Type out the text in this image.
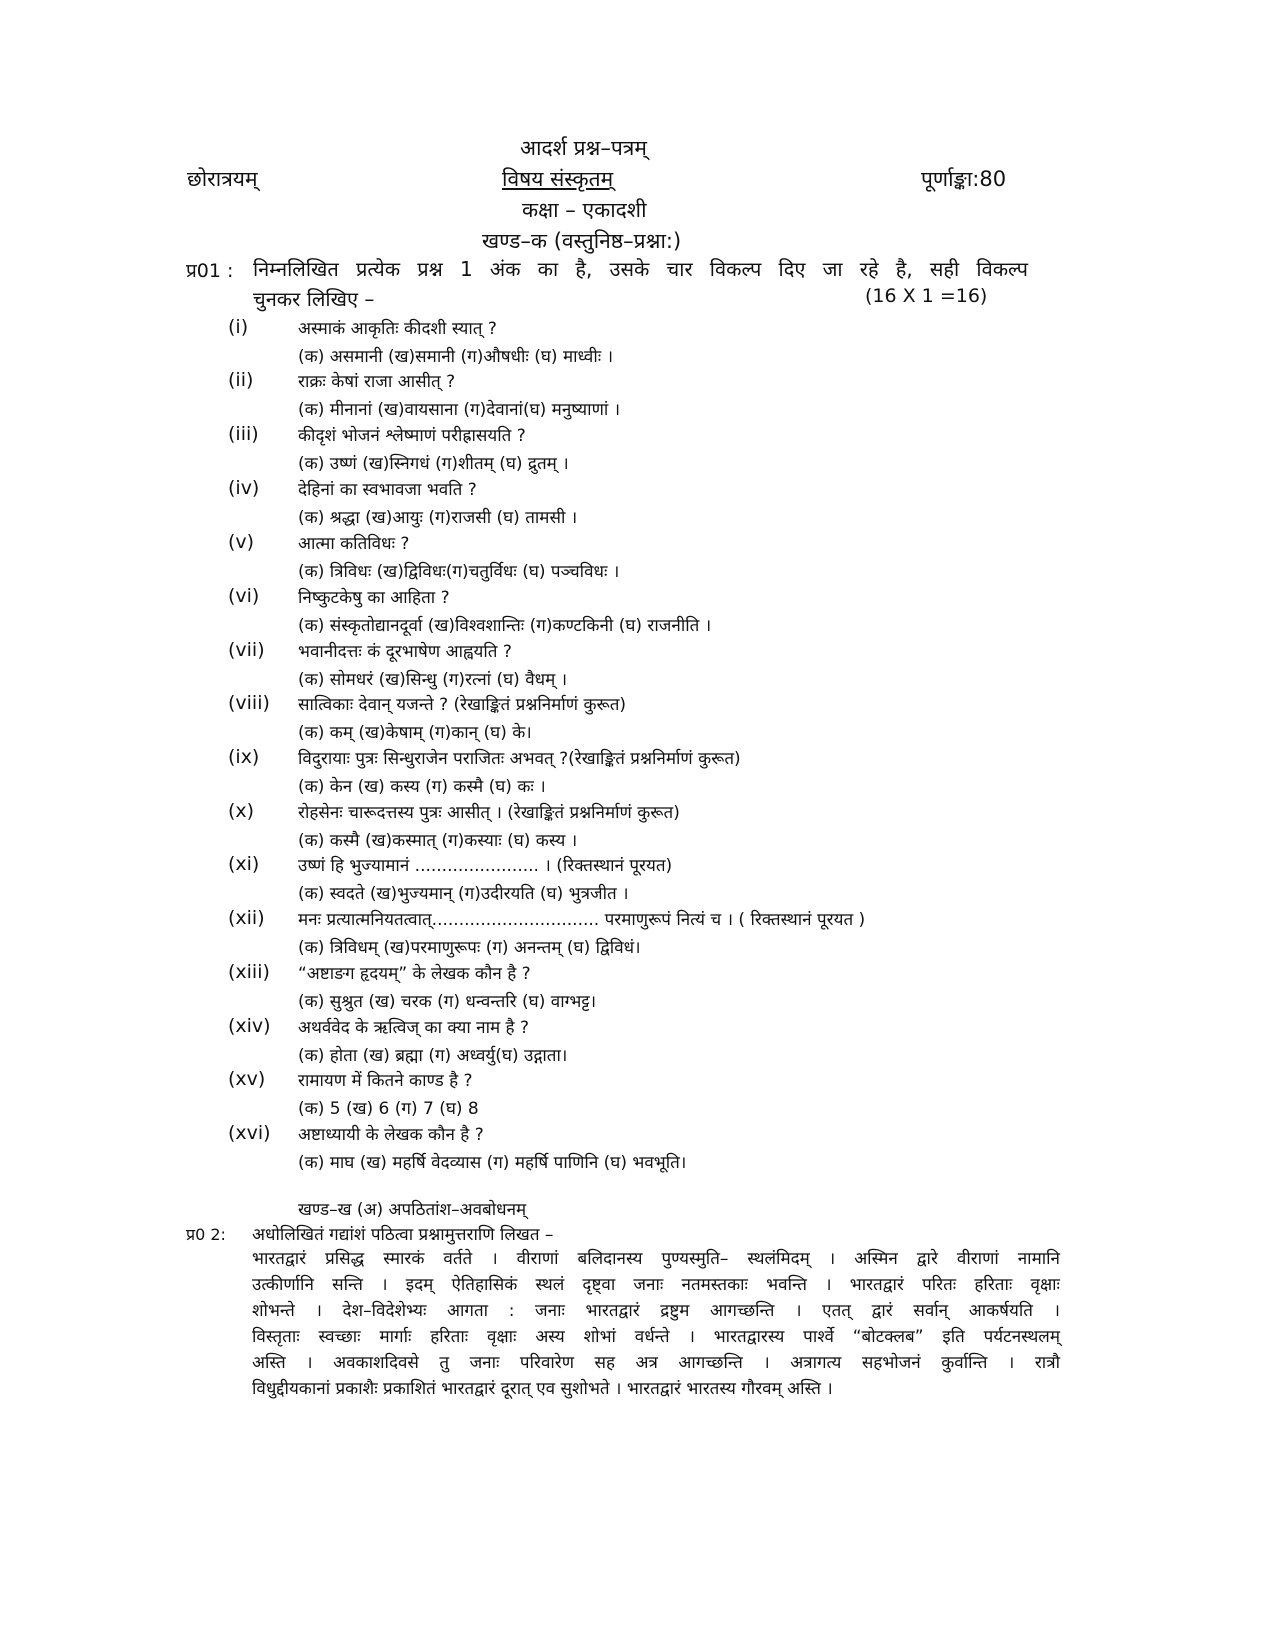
आदर्श प्रश्न–पत्रम्
छोरात्रयम्	विषय संस्कृतम्	पूर्णाङ्का:80
कक्षा – एकादशी
खण्ड–क (वस्तुनिष्ठ–प्रश्ना:)
प्र01 : निम्नलिखित प्रत्येक प्रश्न 1 अंक का है, उसके चार विकल्प दिए जा रहे है, सही विकल्प
चुनकर लिखिए –	(16 X 1 =16)
(i)	अस्माकं आकृतिः कीदशी स्यात् ?
(क) असमानी (ख)समानी (ग)औषधीः (घ) माध्वीः ।
(ii)	राक्रः केषां राजा आसीत् ?
(क) मीनानां (ख)वायसाना (ग)देवानां(घ) मनुष्याणां ।
(iii) कीदृशं भोजनं श्लेष्माणं परीह्रासयति ?
(क) उष्णं (ख)स्निगधं (ग)शीतम् (घ) द्रुतम् ।
(iv) देहिनां का स्वभावजा भवति ?
(क) श्रद्धा (ख)आयुः (ग)राजसी (घ) तामसी ।
(v)	आत्मा कतिविधः ?
(क) त्रिविधः (ख)द्विविधः(ग)चतुर्विधः (घ) पञ्चविधः ।
(vi) निष्कुटकेषु का आहिता ?
(क) संस्कृतोद्यानदूर्वा (ख)विश्वशान्तिः (ग)कण्टकिनी (घ) राजनीति ।
(vii) भवानीदत्तः कं दूरभाषेण आह्वयति ?
(क) सोमधरं (ख)सिन्धु (ग)रत्नां (घ) वैधम् ।
(viii) सात्विकाः देवान् यजन्ते ? (रेखाङ्कितं प्रश्ननिर्माणं कुरूत)
(क) कम् (ख)केषाम् (ग)कान् (घ) के।
(ix) विदुरायाः पुत्रः सिन्धुराजेन पराजितः अभवत् ?(रेखाङ्कितं प्रश्ननिर्माणं कुरूत)
(क) केन (ख) कस्य (ग) कस्मै (घ) कः ।
(x)	रोहसेनः चारूदत्तस्य पुत्रः आसीत् । (रेखाङ्कितं प्रश्ननिर्माणं कुरूत)
(क) कस्मै (ख)कस्मात् (ग)कस्याः (घ) कस्य ।
(xi) उष्णं हि भुज्यामानं ....................... । (रिक्तस्थानं पूरयत)
(क) स्वदते (ख)भुज्यमान् (ग)उदीरयति (घ) भुत्रजीत ।
(xii) मनः प्रत्यात्मनियतत्वात्............................... परमाणुरूपं नित्यं च । ( रिक्तस्थानं पूरयत )
(क) त्रिविधम् (ख)परमाणुरूपः (ग) अनन्तम् (घ) द्विविधं।
(xiii) “अष्टाङग हृदयम्” के लेखक कौन है ?
(क) सुश्रुत (ख) चरक (ग) धन्वन्तरि (घ) वाग्भट्ट।
(xiv) अथर्ववेद के ऋत्विज् का क्या नाम है ?
(क) होता (ख) ब्रह्मा (ग) अध्वर्यु(घ) उद्गाता।
(xv) रामायण में कितने काण्ड है ?
(क) 5 (ख) 6 (ग) 7 (घ) 8
(xvi) अष्टाध्यायी के लेखक कौन है ?
(क) माघ (ख) महर्षि वेदव्यास (ग) महर्षि पाणिनि (घ) भवभूति।
खण्ड–ख (अ) अपठितांश–अवबोधनम्
प्र0 2: अधोलिखितं गद्यांशं पठित्वा प्रश्नामुत्तराणि लिखत –
भारतद्वारं प्रसिद्ध स्मारकं वर्तते । वीराणां बलिदानस्य पुण्यस्मुति– स्थलंमिदम् । अस्मिन द्वारे वीराणां नामानि
उत्कीर्णानि सन्ति । इदम् ऐतिहासिकं स्थलं दृष्ट्वा जनाः नतमस्तकाः भवन्ति । भारतद्वारं परितः हरिताः वृक्षाः
शोभन्ते । देश–विदेशेभ्यः आगता : जनाः भारतद्वारं द्रष्टुम आगच्छन्ति । एतत् द्वारं सर्वान् आकर्षयति ।
विस्तृताः स्वच्छाः मार्गाः हरिताः वृक्षाः अस्य शोभां वर्धन्ते । भारतद्वारस्य पार्श्वे “बोटक्लब” इति पर्यटनस्थलम्
अस्ति । अवकाशदिवसे तु जनाः परिवारेण सह अत्र आगच्छन्ति । अत्रागत्य सहभोजनं कुर्वान्ति । रात्रौ
विधुद्दीयकानां प्रकाशैः प्रकाशितं भारतद्वारं दूरात् एव सुशोभते । भारतद्वारं भारतस्य गौरवम् अस्ति ।
